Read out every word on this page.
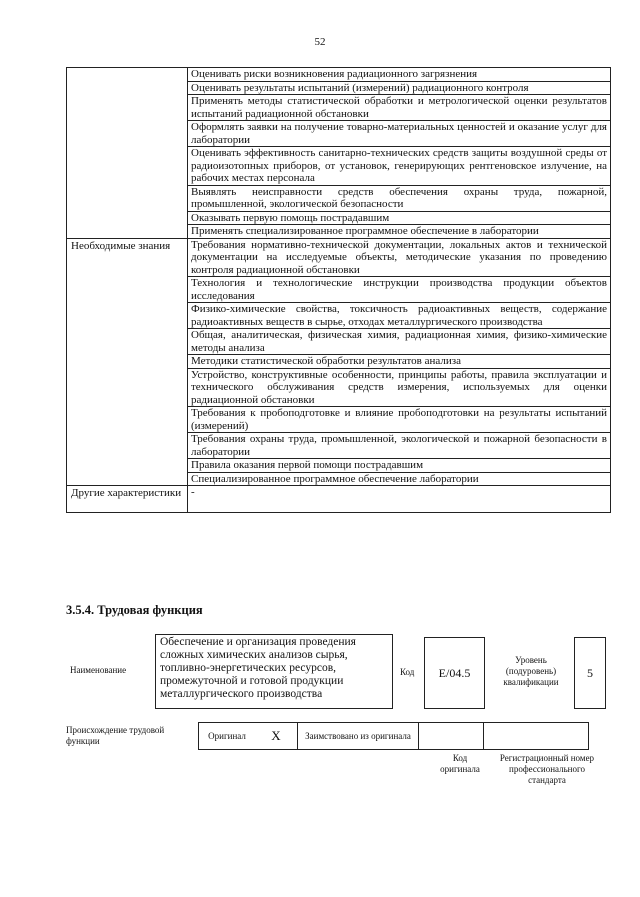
52
	Оценивать риски возникновения радиационного загрязнения
	Оценивать результаты испытаний (измерений) радиационного контроля
	Применять методы статистической обработки и метрологической оценки результатов испытаний радиационной обстановки
	Оформлять заявки на получение товарно-материальных ценностей и оказание услуг для лаборатории
	Оценивать эффективность санитарно-технических средств защиты воздушной среды от радиоизотопных приборов, от установок, генерирующих рентгеновское излучение, на рабочих местах персонала
	Выявлять неисправности средств обеспечения охраны труда, пожарной, промышленной, экологической безопасности
	Оказывать первую помощь пострадавшим
	Применять специализированное программное обеспечение в лаборатории
Необходимые знания	Требования нормативно-технической документации, локальных актов и технической документации на исследуемые объекты, методические указания по проведению контроля радиационной обстановки
	Технология и технологические инструкции производства продукции объектов исследования
	Физико-химические свойства, токсичность радиоактивных веществ, содержание радиоактивных веществ в сырье, отходах металлургического производства
	Общая, аналитическая, физическая химия, радиационная химия, физико-химические методы анализа
	Методики статистической обработки результатов анализа
	Устройство, конструктивные особенности, принципы работы, правила эксплуатации и технического обслуживания средств измерения, используемых для оценки радиационной обстановки
	Требования к пробоподготовке и влияние пробоподготовки на результаты испытаний (измерений)
	Требования охраны труда, промышленной, экологической и пожарной безопасности в лаборатории
	Правила оказания первой помощи пострадавшим
	Специализированное программное обеспечение лаборатории
Другие характеристики	-
3.5.4. Трудовая функция
Наименование
Обеспечение и организация проведения сложных химических анализов сырья, топливно-энергетических ресурсов, промежуточной и готовой продукции металлургического производства
Код	E/04.5
Уровень (подуровень) квалификации
5
Происхождение трудовой функции	Оригинал	X	Заимствовано из оригинала		
Код оригинала
Регистрационный номер профессионального стандарта
